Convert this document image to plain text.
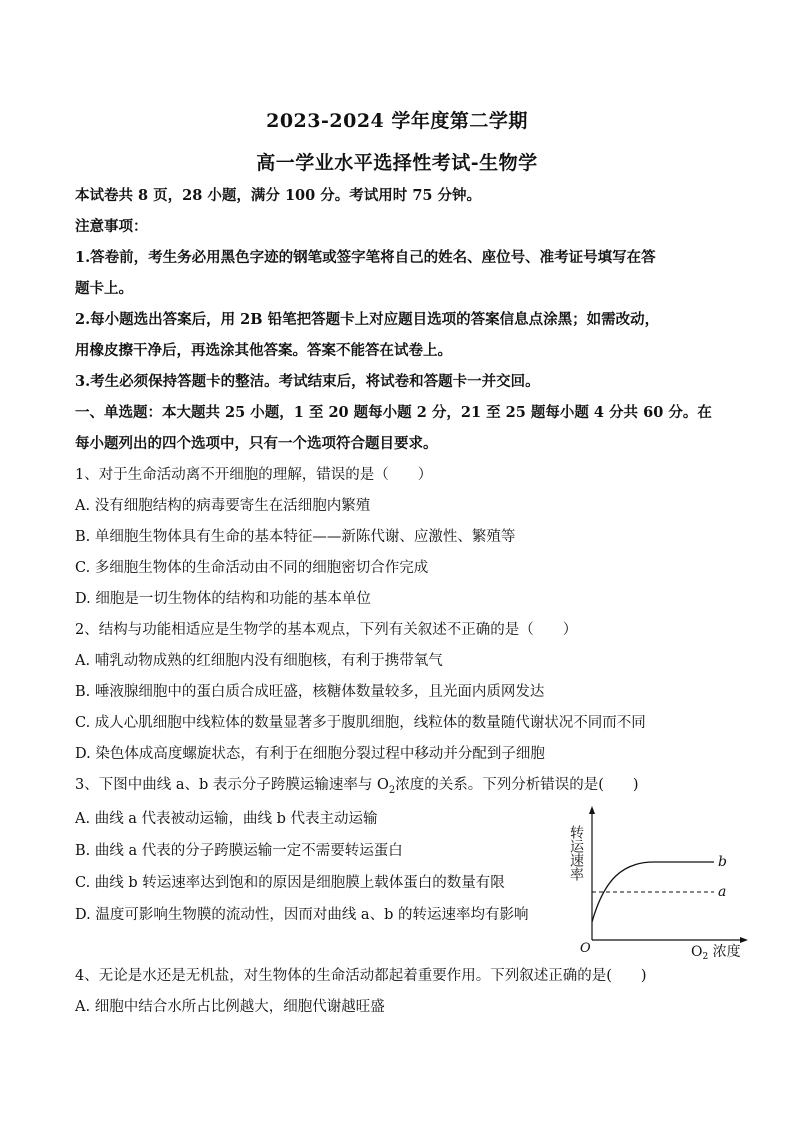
2023-2024 学年度第二学期
高一学业水平选择性考试-生物学
本试卷共 8 页，28 小题，满分 100 分。考试用时 75 分钟。
注意事项：
1.答卷前，考生务必用黑色字迹的钢笔或签字笔将自己的姓名、座位号、准考证号填写在答
题卡上。
2.每小题选出答案后，用 2B 铅笔把答题卡上对应题目选项的答案信息点涂黑；如需改动，
用橡皮擦干净后，再选涂其他答案。答案不能答在试卷上。
3.考生必须保持答题卡的整洁。考试结束后，将试卷和答题卡一并交回。
一、单选题：本大题共 25 小题，1 至 20 题每小题 2 分，21 至 25 题每小题 4 分共 60 分。在
每小题列出的四个选项中，只有一个选项符合题目要求。
1、对于生命活动离不开细胞的理解，错误的是（　　）
A. 没有细胞结构的病毒要寄生在活细胞内繁殖
B. 单细胞生物体具有生命的基本特征——新陈代谢、应激性、繁殖等
C. 多细胞生物体的生命活动由不同的细胞密切合作完成
D. 细胞是一切生物体的结构和功能的基本单位
2、结构与功能相适应是生物学的基本观点，下列有关叙述不正确的是（　　）
A. 哺乳动物成熟的红细胞内没有细胞核，有利于携带氧气
B. 唾液腺细胞中的蛋白质合成旺盛，核糖体数量较多，且光面内质网发达
C. 成人心肌细胞中线粒体的数量显著多于腹肌细胞，线粒体的数量随代谢状况不同而不同
D. 染色体成高度螺旋状态，有利于在细胞分裂过程中移动并分配到子细胞
3、下图中曲线 a、b 表示分子跨膜运输速率与 $O_2$浓度的关系。下列分析错误的是(　　)
A. 曲线 a 代表被动运输，曲线 b 代表主动运输
B. 曲线 a 代表的分子跨膜运输一定不需要转运蛋白
C. 曲线 b 转运速率达到饱和的原因是细胞膜上载体蛋白的数量有限
D. 温度可影响生物膜的流动性，因而对曲线 a、b 的转运速率均有影响
b
a
O
转运速率
$O_2$ 浓度
4、无论是水还是无机盐，对生物体的生命活动都起着重要作用。下列叙述正确的是(　　)
A. 细胞中结合水所占比例越大，细胞代谢越旺盛
